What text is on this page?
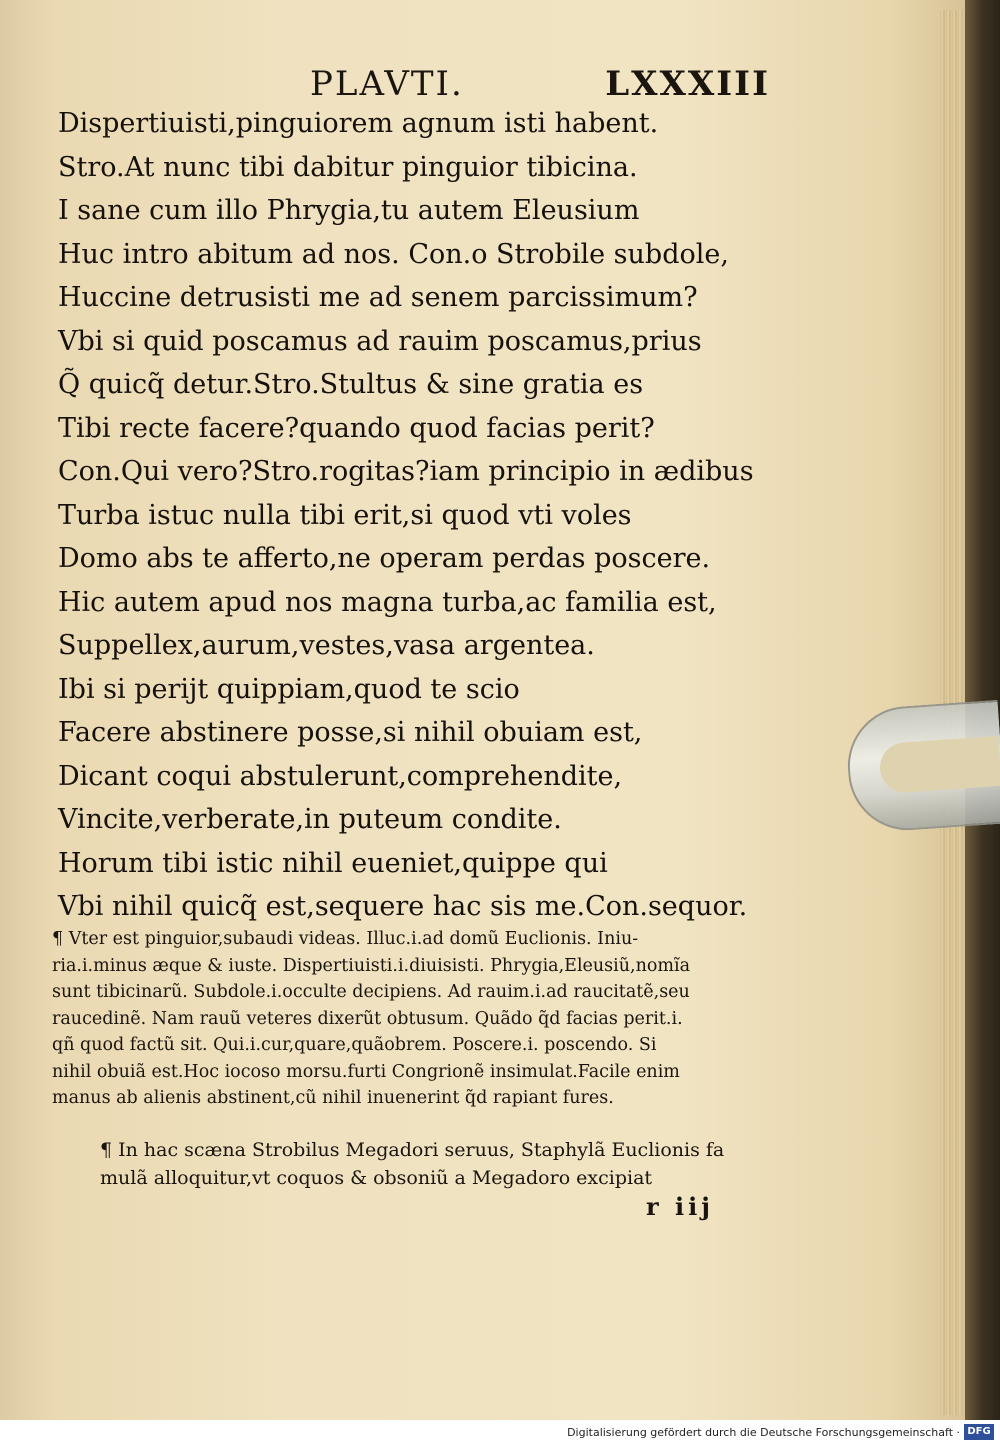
PLAVTI.	LXXXIII
Dispertiuisti,pinguiorem agnum isti habent.
Stro.At nunc tibi dabitur pinguior tibicina.
I sane cum illo Phrygia,tu autem Eleusium
Huc intro abitum ad nos. Con.o Strobile subdole,
Huccine detrusisti me ad senem parcissimum?
Vbi si quid poscamus ad rauim poscamus,prius
Q̃ quicq̃ detur.Stro.Stultus & sine gratia es
Tibi recte facere?quando quod facias perit?
Con.Qui vero?Stro.rogitas?iam principio in ædibus
Turba istuc nulla tibi erit,si quod vti voles
Domo abs te afferto,ne operam perdas poscere.
Hic autem apud nos magna turba,ac familia est,
Suppellex,aurum,vestes,vasa argentea.
Ibi si perijt quippiam,quod te scio
Facere abstinere posse,si nihil obuiam est,
Dicant coqui abstulerunt,comprehendite,
Vincite,verberate,in puteum condite.
Horum tibi istic nihil eueniet,quippe qui
Vbi nihil quicq̃ est,sequere hac sis me.Con.sequor.
¶ Vter est pinguior,subaudi videas. Illuc.i.ad domũ Euclionis. Iniu-
ria.i.minus æque & iuste. Dispertiuisti.i.diuisisti. Phrygia,Eleusiũ,nomĩa
sunt tibicinarũ. Subdole.i.occulte decipiens. Ad rauim.i.ad raucitatẽ,seu
raucedinẽ. Nam rauũ veteres dixerũt obtusum. Quãdo q̃d facias perit.i.
qñ quod factũ sit. Qui.i.cur,quare,quãobrem. Poscere.i. poscendo. Si
nihil obuiã est.Hoc iocoso morsu.furti Congrionẽ insimulat.Facile enim
manus ab alienis abstinent,cũ nihil inuenerint q̃d rapiant fures.
¶ In hac scæna Strobilus Megadori seruus, Staphylã Euclionis fa
mulã alloquitur,vt coquos & obsoniũ a Megadoro excipiat
r iij
Digitalisierung gefördert durch die Deutsche Forschungsgemeinschaft · DFG
